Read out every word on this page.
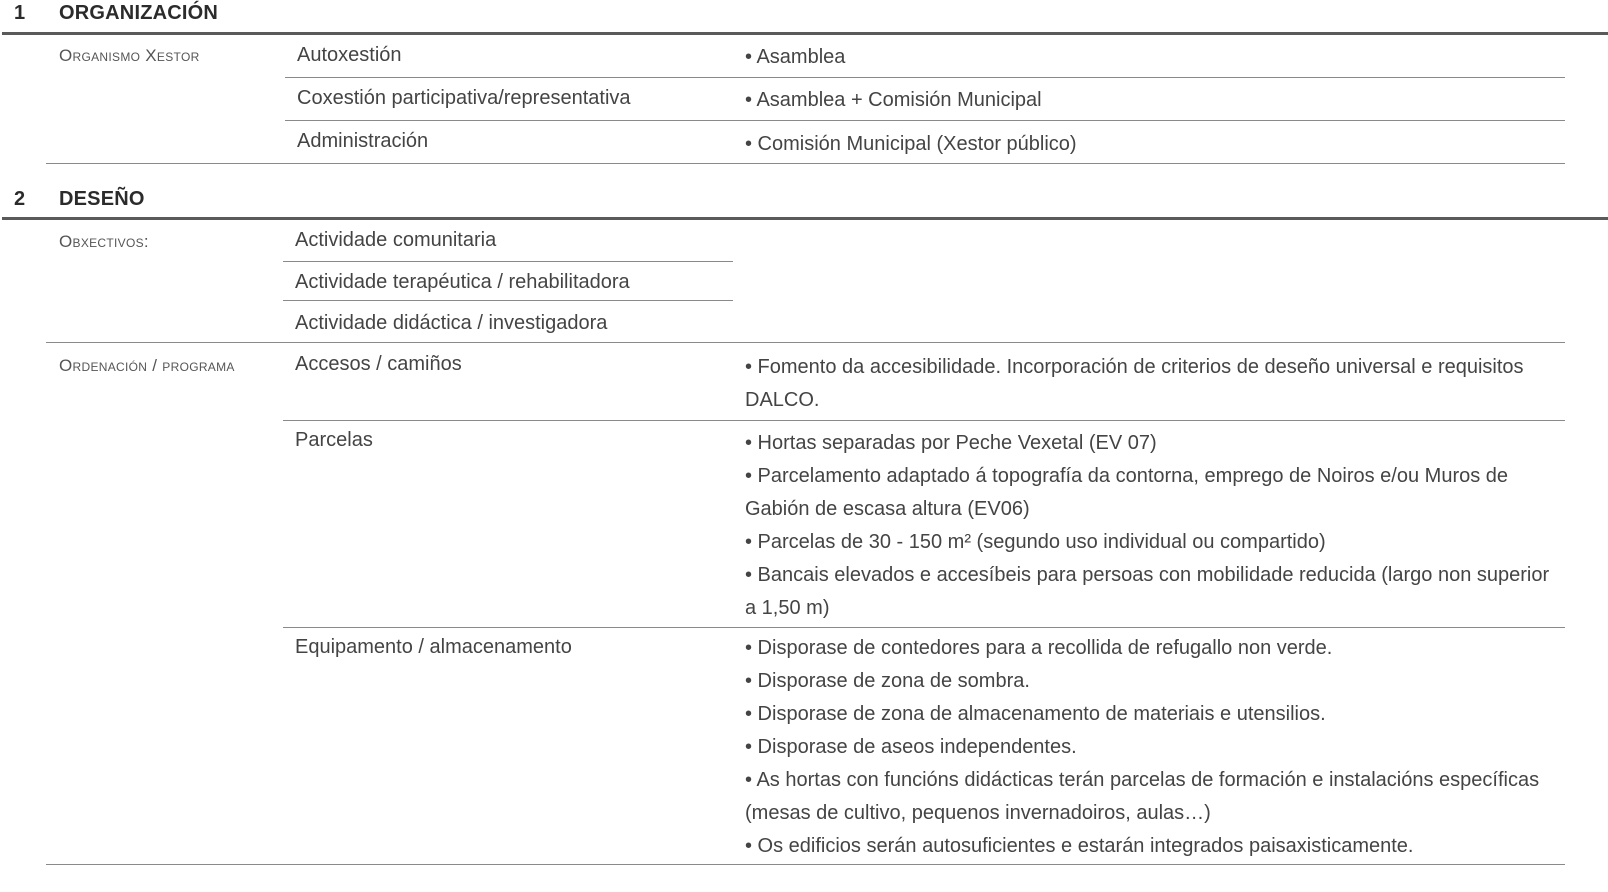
1 ORGANIZACIÓN
Organismo Xestor	Autoxestión	• Asamblea

Coxestión participativa/representativa	• Asamblea + Comisión Municipal

Administración	• Comisión Municipal (Xestor público)

2 DESEÑO
Obxectivos:	Actividade comunitaria
Actividade terapéutica / rehabilitadora
Actividade didáctica / investigadora
Ordenación / programa	Accesos / camiños	• Fomento da accesibilidade. Incorporación de criterios de deseño universal e requisitos DALCO.

Parcelas	• Hortas separadas por Peche Vexetal (EV 07)

• Parcelamento adaptado á topografía da contorna, emprego de Noiros e/ou Muros de Gabión de escasa altura (EV06)

• Parcelas de 30 - 150 m² (segundo uso individual ou compartido)

• Bancais elevados e accesíbeis para persoas con mobilidade reducida (largo non superior a 1,50 m)

Equipamento / almacenamento	• Disporase de contedores para a recollida de refugallo non verde.

• Disporase de zona de sombra.

• Disporase de zona de almacenamento de materiais e utensilios.

• Disporase de aseos independentes.

• As hortas con funcións didácticas terán parcelas de formación e instalacións específicas (mesas de cultivo, pequenos invernadoiros, aulas…)

• Os edificios serán autosuficientes e estarán integrados paisaxisticamente.
